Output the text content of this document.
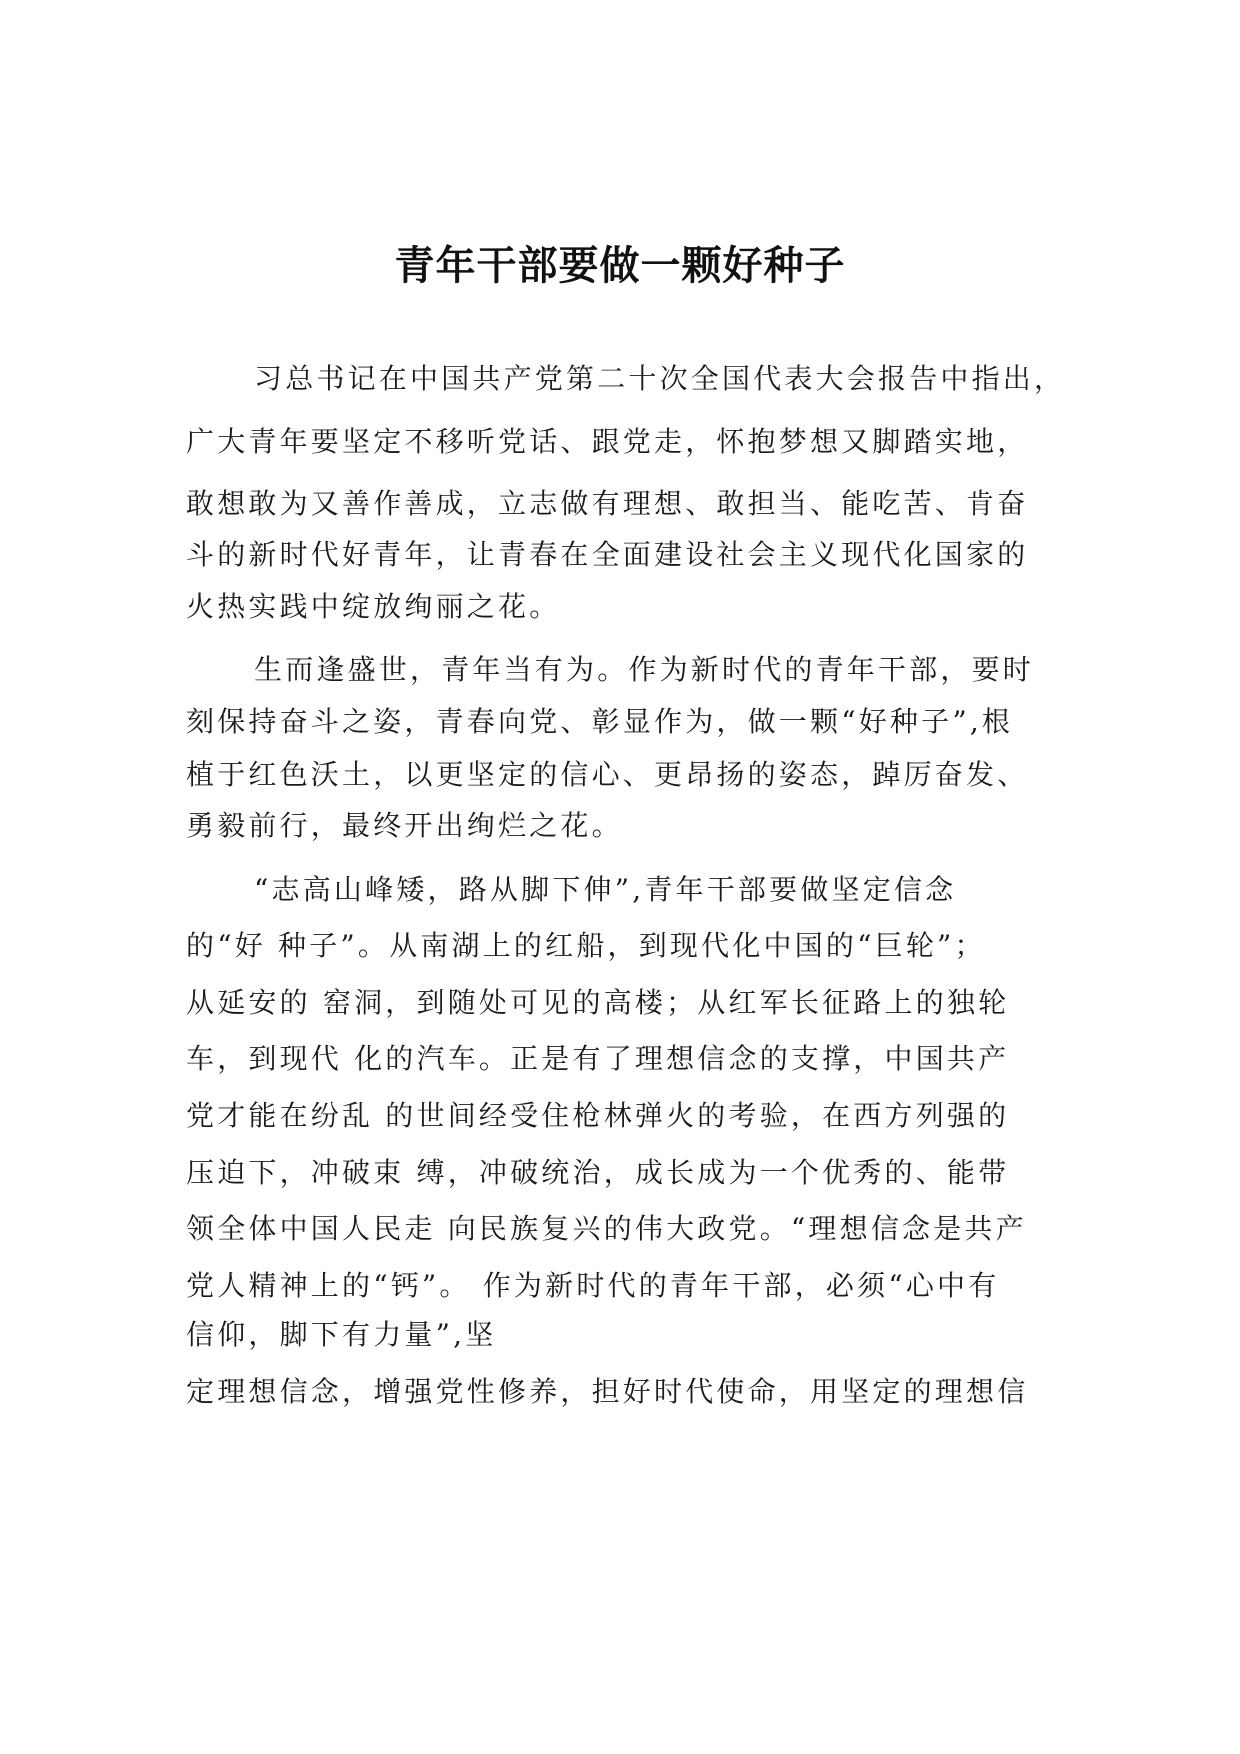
青年干部要做一颗好种子
习总书记在中国共产党第二十次全国代表大会报告中指出，
广大青年要坚定不移听党话、跟党走，怀抱梦想又脚踏实地，
敢想敢为又善作善成，立志做有理想、敢担当、能吃苦、肯奋
斗的新时代好青年，让青春在全面建设社会主义现代化国家的
火热实践中绽放绚丽之花。
生而逢盛世，青年当有为。作为新时代的青年干部，要时
刻保持奋斗之姿，青春向党、彰显作为，做一颗“好种子”,根
植于红色沃土，以更坚定的信心、更昂扬的姿态，踔厉奋发、
勇毅前行，最终开出绚烂之花。
“志高山峰矮，路从脚下伸”,青年干部要做坚定信念
的“好 种子”。从南湖上的红船，到现代化中国的“巨轮”；
从延安的 窑洞，到随处可见的高楼；从红军长征路上的独轮
车，到现代 化的汽车。正是有了理想信念的支撑，中国共产
党才能在纷乱 的世间经受住枪林弹火的考验，在西方列强的
压迫下，冲破束 缚，冲破统治，成长成为一个优秀的、能带
领全体中国人民走 向民族复兴的伟大政党。“理想信念是共产
党人精神上的“钙”。 作为新时代的青年干部，必须“心中有
信仰，脚下有力量”,坚
定理想信念，增强党性修养，担好时代使命，用坚定的理想信
